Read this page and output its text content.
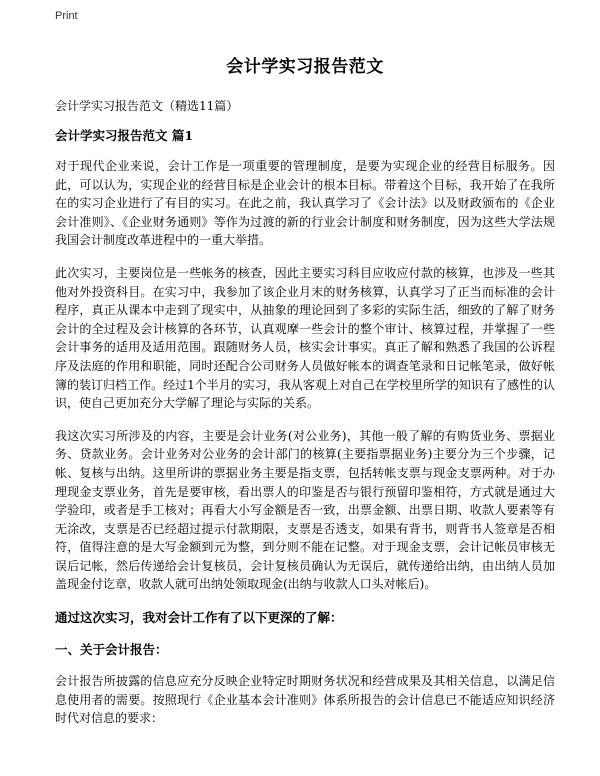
Print
会计学实习报告范文
会计学实习报告范文（精选11篇）
会计学实习报告范文 篇1
对于现代企业来说，会计工作是一项重要的管理制度，是要为实现企业的经营目标服务。因此，可以认为，实现企业的经营目标是企业会计的根本目标。带着这个目标，我开始了在我所在的实习企业进行了有目的实习。在此之前，我认真学习了《会计法》以及财政颁布的《企业会计准则》、《企业财务通则》等作为过渡的新的行业会计制度和财务制度，因为这些大学法规我国会计制度改革进程中的一重大举措。
此次实习，主要岗位是一些帐务的核查，因此主要实习科目应收应付款的核算，也涉及一些其他对外投资科目。在实习中，我参加了该企业月末的财务核算，认真学习了正当而标准的会计程序，真正从课本中走到了现实中，从抽象的理论回到了多彩的实际生活，细致的了解了财务会计的全过程及会计核算的各环节，认真观摩一些会计的整个审计、核算过程，并掌握了一些会计事务的适用及适用范围。跟随财务人员，核实会计事实。真正了解和熟悉了我国的公诉程序及法庭的作用和职能，同时还配合公司财务人员做好帐本的调查笔录和日记帐笔录，做好帐簿的装订归档工作。经过1个半月的实习，我从客观上对自己在学校里所学的知识有了感性的认识，使自己更加充分大学解了理论与实际的关系。
我这次实习所涉及的内容，主要是会计业务(对公业务)，其他一般了解的有购货业务、票据业务、贷款业务。会计业务对公业务的会计部门的核算(主要指票据业务)主要分为三个步骤，记帐、复核与出纳。这里所讲的票据业务主要是指支票，包括转帐支票与现金支票两种。对于办理现金支票业务，首先是要审核，看出票人的印鉴是否与银行预留印鉴相符，方式就是通过大学验印，或者是手工核对；再看大小写金额是否一致，出票金额、出票日期、收款人要素等有无涂改，支票是否已经超过提示付款期限，支票是否透支，如果有背书，则背书人签章是否相符，值得注意的是大写金额到元为整，到分则不能在记整。对于现金支票，会计记帐员审核无误后记帐，然后传递给会计复核员，会计复核员确认为无误后，就传递给出纳，由出纳人员加盖现金付讫章，收款人就可出纳处领取现金(出纳与收款人口头对帐后)。
通过这次实习，我对会计工作有了以下更深的了解：
一、关于会计报告：
会计报告所披露的信息应充分反映企业特定时期财务状况和经营成果及其相关信息，以满足信息使用者的需要。按照现行《企业基本会计准则》体系所报告的会计信息已不能适应知识经济时代对信息的要求：
